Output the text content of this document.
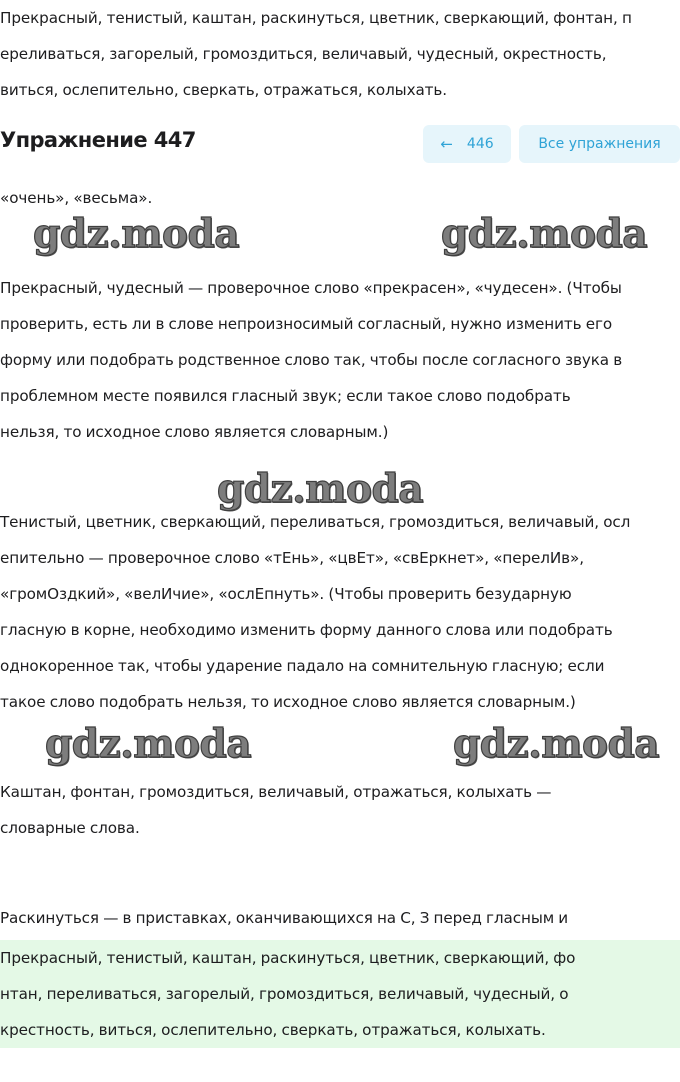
Прекрасный, тенистый, каштан, раскинуться, цветник, сверкающий, фонтан, п
ереливаться, загорелый, громоздиться, величавый, чудесный, окрестность,
виться, ослепительно, сверкать, отражаться, колыхать.
Упражнение 447	← 446	Все упражнения
«очень», «весьма».
gdz.moda	gdz.moda
Прекрасный, чудесный — проверочное слово «прекрасен», «чудесен». (Чтобы
проверить, есть ли в слове непроизносимый согласный, нужно изменить его
форму или подобрать родственное слово так, чтобы после согласного звука в
проблемном месте появился гласный звук; если такое слово подобрать
нельзя, то исходное слово является словарным.)
gdz.moda
Тенистый, цветник, сверкающий, переливаться, громоздиться, величавый, осл
епительно — проверочное слово «тЕнь», «цвЕт», «свЕркнет», «перелИв»,
«громОздкий», «велИчие», «ослЕпнуть». (Чтобы проверить безударную
гласную в корне, необходимо изменить форму данного слова или подобрать
однокоренное так, чтобы ударение падало на сомнительную гласную; если
такое слово подобрать нельзя, то исходное слово является словарным.)
gdz.moda	gdz.moda
Каштан, фонтан, громоздиться, величавый, отражаться, колыхать —
словарные слова.
Раскинуться — в приставках, оканчивающихся на С, З перед гласным и
Прекрасный, тенистый, каштан, раскинуться, цветник, сверкающий, фо
нтан, переливаться, загорелый, громоздиться, величавый, чудесный, о
крестность, виться, ослепительно, сверкать, отражаться, колыхать.
